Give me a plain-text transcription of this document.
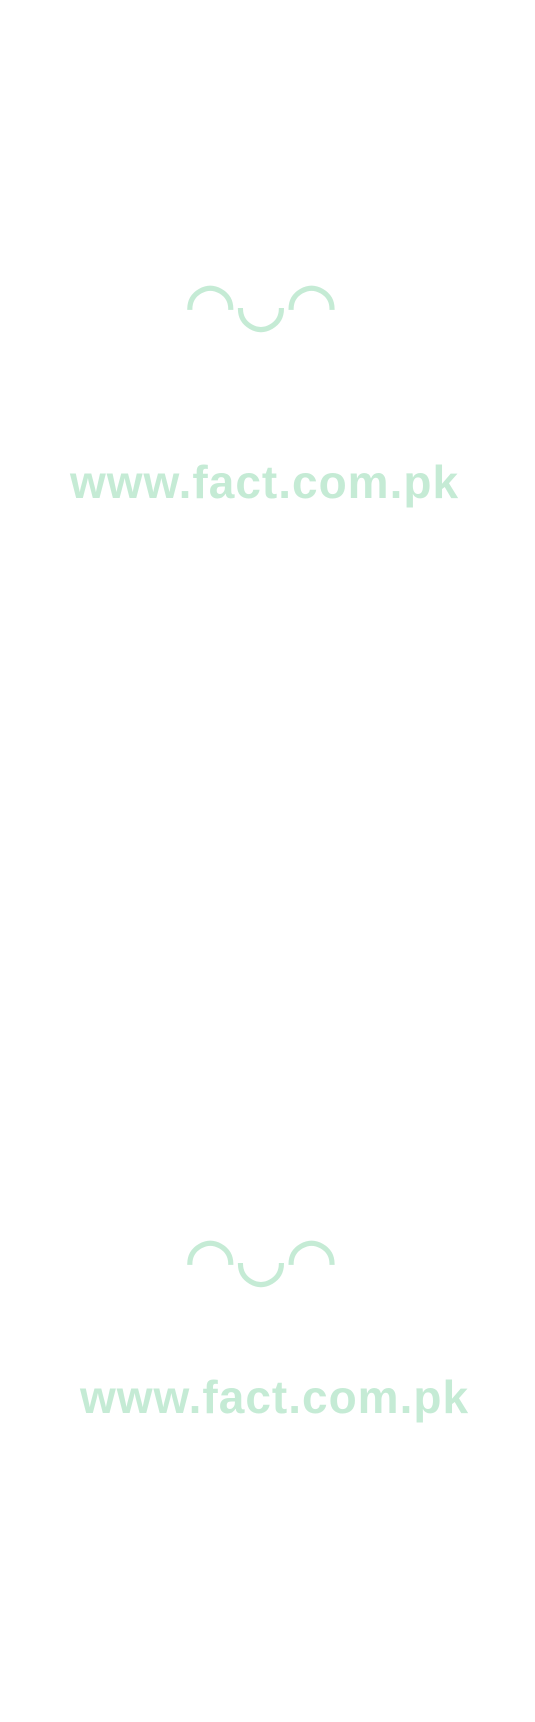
◠◡◠
www.fact.com.pk
◠◡◠
www.fact.com.pk
